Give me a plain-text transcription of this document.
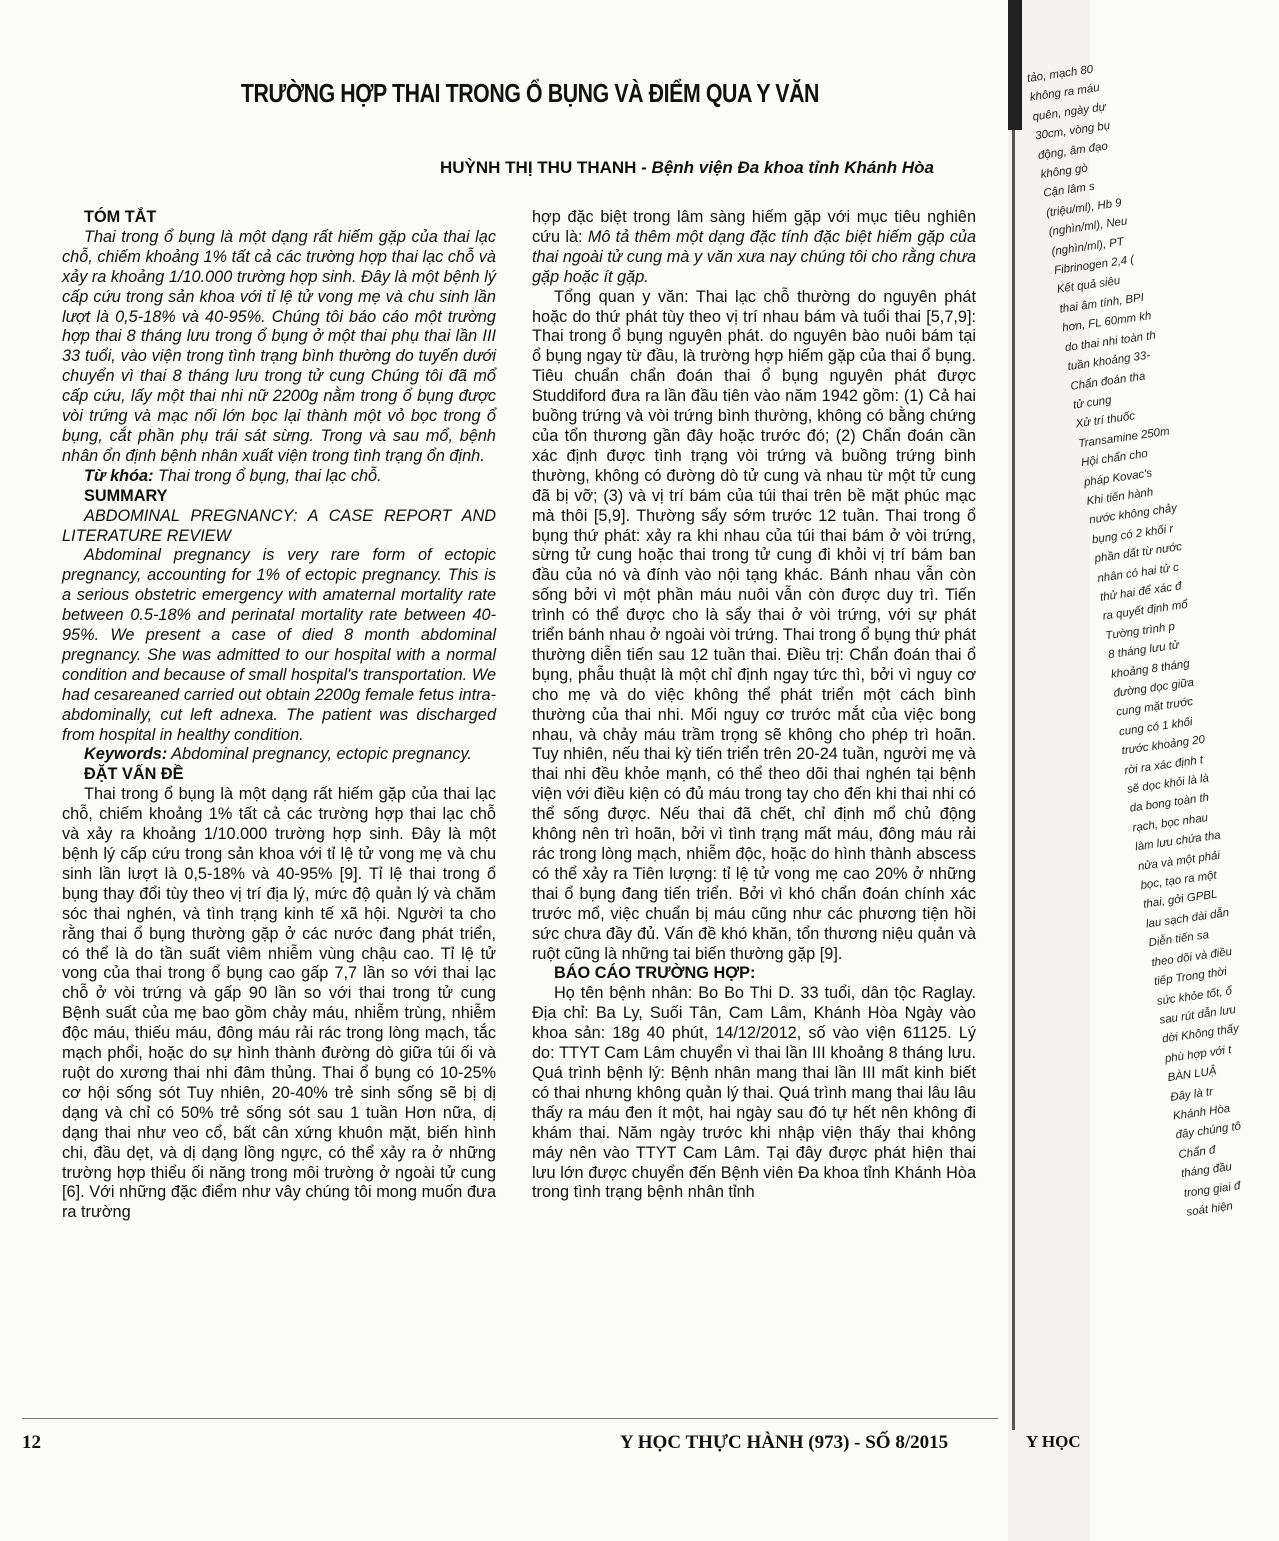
TRƯỜNG HỢP THAI TRONG Ổ BỤNG VÀ ĐIỂM QUA Y VĂN
HUỲNH THỊ THU THANH - Bệnh viện Đa khoa tỉnh Khánh Hòa
TÓM TẮT

Thai trong ổ bụng là một dạng rất hiếm gặp của thai lạc chỗ, chiếm khoảng 1% tất cả các trường hợp thai lạc chỗ và xảy ra khoảng 1/10.000 trường hợp sinh. Đây là một bệnh lý cấp cứu trong sản khoa với tỉ lệ tử vong mẹ và chu sinh lần lượt là 0,5-18% và 40-95%. Chúng tôi báo cáo một trường hợp thai 8 tháng lưu trong ổ bụng ở một thai phụ thai lần III 33 tuổi, vào viện trong tình trạng bình thường do tuyến dưới chuyển vì thai 8 tháng lưu trong tử cung Chúng tôi đã mổ cấp cứu, lấy một thai nhi nữ 2200g nằm trong ổ bụng được vòi trứng và mạc nối lớn bọc lại thành một vỏ bọc trong ổ bụng, cắt phần phụ trái sát sừng. Trong và sau mổ, bệnh nhân ổn định bệnh nhân xuất viện trong tình trạng ổn định.

Từ khóa: Thai trong ổ bụng, thai lạc chỗ.

SUMMARY

ABDOMINAL PREGNANCY: A CASE REPORT AND LITERATURE REVIEW

Abdominal pregnancy is very rare form of ectopic pregnancy, accounting for 1% of ectopic pregnancy. This is a serious obstetric emergency with amaternal mortality rate between 0.5-18% and perinatal mortality rate between 40-95%. We present a case of died 8 month abdominal pregnancy. She was admitted to our hospital with a normal condition and because of small hospital's transportation. We had cesareaned carried out obtain 2200g female fetus intra-abdominally, cut left adnexa. The patient was discharged from hospital in healthy condition.

Keywords: Abdominal pregnancy, ectopic pregnancy.

ĐẶT VẤN ĐỀ

Thai trong ổ bụng là một dạng rất hiếm gặp của thai lạc chỗ, chiếm khoảng 1% tất cả các trường hợp thai lạc chỗ và xảy ra khoảng 1/10.000 trường hợp sinh. Đây là một bệnh lý cấp cứu trong sản khoa với tỉ lệ tử vong mẹ và chu sinh lần lượt là 0,5-18% và 40-95% [9]. Tỉ lệ thai trong ổ bụng thay đổi tùy theo vị trí địa lý, mức độ quản lý và chăm sóc thai nghén, và tình trạng kinh tế xã hội. Người ta cho rằng thai ổ bụng thường gặp ở các nước đang phát triển, có thể là do tần suất viêm nhiễm vùng chậu cao. Tỉ lệ tử vong của thai trong ổ bụng cao gấp 7,7 lần so với thai lạc chỗ ở vòi trứng và gấp 90 lần so với thai trong tử cung Bệnh suất của mẹ bao gồm chảy máu, nhiễm trùng, nhiễm độc máu, thiếu máu, đông máu rải rác trong lòng mạch, tắc mạch phổi, hoặc do sự hình thành đường dò giữa túi ối và ruột do xương thai nhi đâm thủng. Thai ổ bụng có 10-25% cơ hội sống sót Tuy nhiên, 20-40% trẻ sinh sống sẽ bị dị dạng và chỉ có 50% trẻ sống sót sau 1 tuần Hơn nữa, dị dạng thai như veo cổ, bất cân xứng khuôn mặt, biến hình chi, đầu dẹt, và dị dạng lồng ngực, có thể xảy ra ở những trường hợp thiểu ối năng trong môi trường ở ngoài tử cung [6]. Với những đặc điểm như vây chúng tôi mong muốn đưa ra trường

hợp đặc biệt trong lâm sàng hiếm gặp với mục tiêu nghiên cứu là: Mô tả thêm một dạng đặc tính đặc biệt hiếm gặp của thai ngoài tử cung mà y văn xưa nay chúng tôi cho rằng chưa gặp hoặc ít gặp.

Tổng quan y văn: Thai lạc chỗ thường do nguyên phát hoặc do thứ phát tùy theo vị trí nhau bám và tuổi thai [5,7,9]: Thai trong ổ bụng nguyên phát. do nguyên bào nuôi bám tại ổ bụng ngay từ đầu, là trường hợp hiếm gặp của thai ổ bụng. Tiêu chuẩn chẩn đoán thai ổ bụng nguyên phát được Studdiford đưa ra lần đầu tiên vào năm 1942 gồm: (1) Cả hai buồng trứng và vòi trứng bình thường, không có bằng chứng của tổn thương gần đây hoặc trước đó; (2) Chẩn đoán cần xác định được tình trạng vòi trứng và buồng trứng bình thường, không có đường dò tử cung và nhau từ một tử cung đã bị vỡ; (3) và vị trí bám của túi thai trên bề mặt phúc mạc mà thôi [5,9]. Thường sẩy sớm trước 12 tuần. Thai trong ổ bụng thứ phát: xảy ra khi nhau của túi thai bám ở vòi trứng, sừng tử cung hoặc thai trong tử cung đi khỏi vị trí bám ban đầu của nó và đính vào nội tạng khác. Bánh nhau vẫn còn sống bởi vì một phần máu nuôi vẫn còn được duy trì. Tiến trình có thể được cho là sẩy thai ở vòi trứng, với sự phát triển bánh nhau ở ngoài vòi trứng. Thai trong ổ bụng thứ phát thường diễn tiến sau 12 tuần thai. Điều trị: Chẩn đoán thai ổ bụng, phẫu thuật là một chỉ định ngay tức thì, bởi vì nguy cơ cho mẹ và do việc không thể phát triển một cách bình thường của thai nhi. Mối nguy cơ trước mắt của việc bong nhau, và chảy máu trầm trọng sẽ không cho phép trì hoãn. Tuy nhiên, nếu thai kỳ tiến triển trên 20-24 tuần, người mẹ và thai nhi đều khỏe mạnh, có thể theo dõi thai nghén tại bệnh viện với điều kiện có đủ máu trong tay cho đến khi thai nhi có thể sống được. Nếu thai đã chết, chỉ định mổ chủ động không nên trì hoãn, bởi vì tình trạng mất máu, đông máu rải rác trong lòng mạch, nhiễm độc, hoặc do hình thành abscess có thể xảy ra Tiên lượng: tỉ lệ tử vong mẹ cao 20% ở những thai ổ bụng đang tiến triển. Bởi vì khó chẩn đoán chính xác trước mổ, việc chuẩn bị máu cũng như các phương tiện hồi sức chưa đầy đủ. Vấn đề khó khăn, tổn thương niệu quản và ruột cũng là những tai biến thường gặp [9].

BÁO CÁO TRƯỜNG HỢP:

Họ tên bệnh nhân: Bo Bo Thi D. 33 tuổi, dân tộc Raglay. Địa chỉ: Ba Ly, Suối Tân, Cam Lâm, Khánh Hòa Ngày vào khoa sản: 18g 40 phút, 14/12/2012, số vào viện 61125. Lý do: TTYT Cam Lâm chuyển vì thai lần III khoảng 8 tháng lưu. Quá trình bệnh lý: Bệnh nhân mang thai lần III mất kinh biết có thai nhưng không quản lý thai. Quá trình mang thai lâu lâu thấy ra máu đen ít một, hai ngày sau đó tự hết nên không đi khám thai. Năm ngày trước khi nhập viện thấy thai không máy nên vào TTYT Cam Lâm. Tại đây được phát hiện thai lưu lớn được chuyển đến Bệnh viên Đa khoa tỉnh Khánh Hòa trong tình trạng bệnh nhân tỉnh

12	Y HỌC THỰC HÀNH (973) - SỐ 8/2015
tảo, mạch 80
không ra máu
quên, ngày dự
30cm, vòng bụ
động, âm đạo
không gò
Cận lâm s
(triệu/ml), Hb 9
(nghìn/ml), Neu
(nghìn/ml), PT
Fibrinogen 2,4 (
Kết quả siêu
thai âm tính, BPI
hơn, FL 60mm kh
do thai nhi toàn th
tuần khoảng 33-
Chẩn đoán tha
tử cung
Xử trí thuốc
Transamine 250m
Hội chẩn cho
pháp Kovac's
Khi tiến hành
nước không chảy
bụng có 2 khối r
phần dất từ nước
nhân có hai tử c
thử hai để xác đ
ra quyết định mổ
Tường trình p
8 tháng lưu tử
khoảng 8 tháng
đường dọc giữa
cung mặt trước
cung có 1 khối
trước khoảng 20
rời ra xác định t
sẽ dọc khỏi là là
da bong toàn th
rạch, bọc nhau
làm lưu chứa tha
nửa và một phải
bọc, tạo ra một
thai, gởi GPBL
lau sạch dài dẫn
Diễn tiến sa
theo dõi và điều
tiếp Trong thời
sức khỏe tốt, ổ
sau rút dẫn lưu
dời Không thấy
phù hợp với t
BÀN LUẬ
Đây là tr
Khánh Hòa
đây chúng tô
Chẩn đ
tháng đầu
trong giai đ
soát hiện
Y HỌC
